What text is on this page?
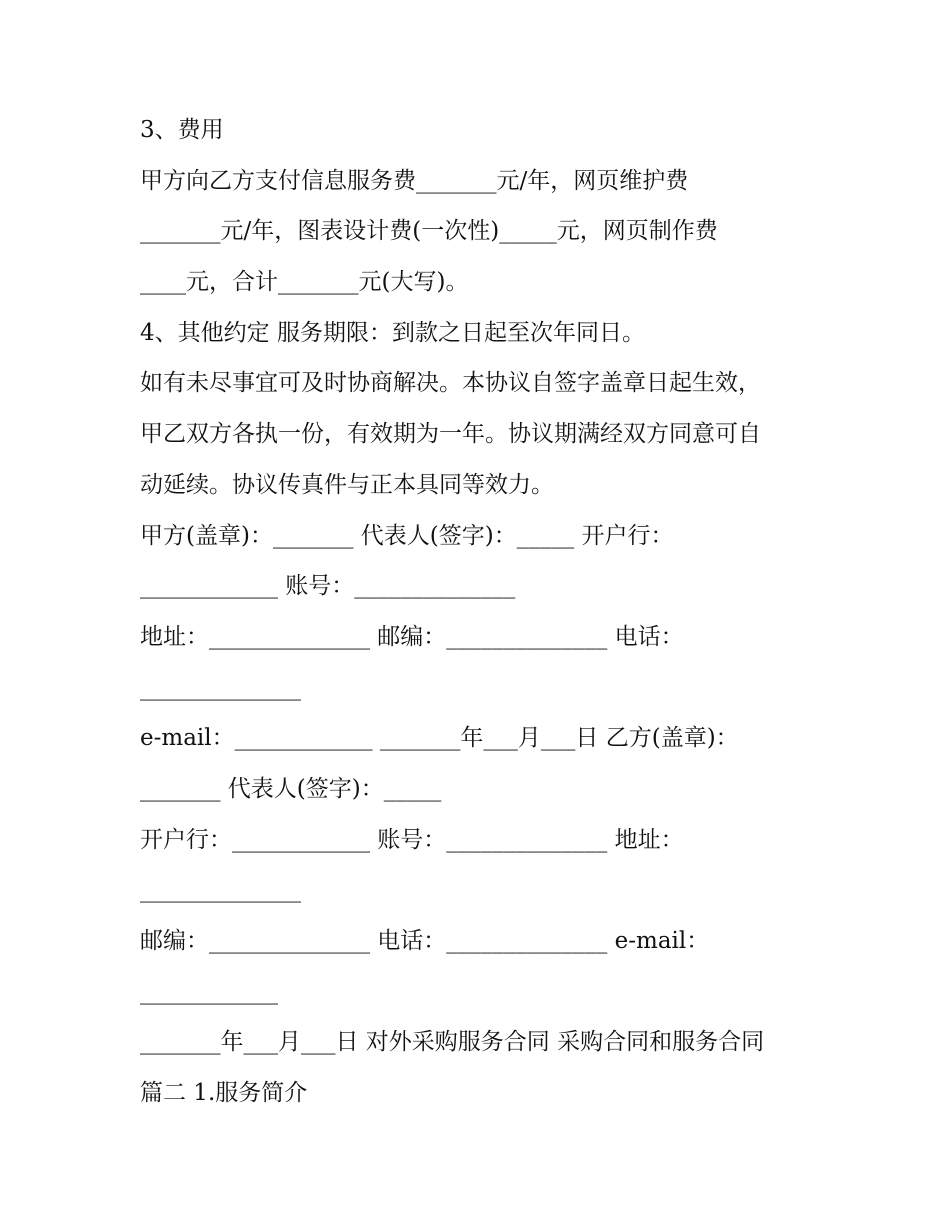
3、费用

甲方向乙方支付信息服务费_______元/年，网页维护费

_______元/年，图表设计费(一次性)_____元，网页制作费

____元，合计_______元(大写)。

4、其他约定 服务期限：到款之日起至次年同日。

如有未尽事宜可及时协商解决。本协议自签字盖章日起生效，

甲乙双方各执一份，有效期为一年。协议期满经双方同意可自

动延续。协议传真件与正本具同等效力。

甲方(盖章)：_______ 代表人(签字)：_____ 开户行：

____________ 账号：______________

地址：______________ 邮编：______________ 电话：

______________

e-mail：____________ _______年___月___日 乙方(盖章)：

_______ 代表人(签字)：_____

开户行：____________ 账号：______________ 地址：

______________

邮编：______________ 电话：______________ e-mail：

____________

_______年___月___日 对外采购服务合同 采购合同和服务合同

篇二 1.服务简介
